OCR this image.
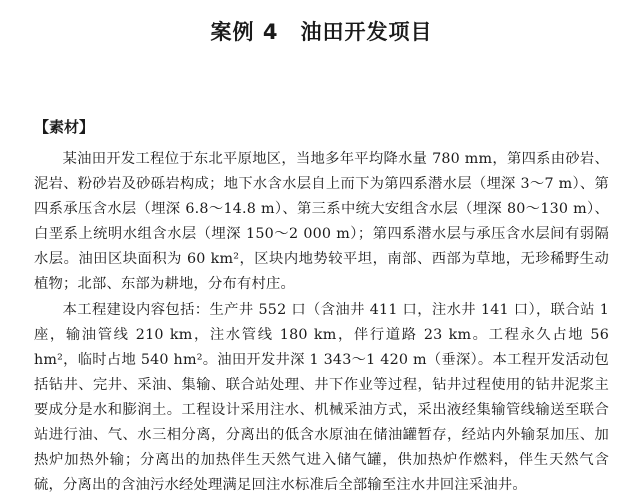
案例 4 油田开发项目
【素材】

某油田开发工程位于东北平原地区，当地多年平均降水量 780 mm，第四系由砂岩、泥岩、粉砂岩及砂砾岩构成；地下水含水层自上而下为第四系潜水层（埋深 3～7 m）、第四系承压含水层（埋深 6.8～14.8 m）、第三系中统大安组含水层（埋深 80～130 m）、白垩系上统明水组含水层（埋深 150～2 000 m）；第四系潜水层与承压含水层间有弱隔水层。油田区块面积为 60 km²，区块内地势较平坦，南部、西部为草地，无珍稀野生动植物；北部、东部为耕地，分布有村庄。

本工程建设内容包括：生产井 552 口（含油井 411 口，注水井 141 口），联合站 1 座，输油管线 210 km，注水管线 180 km，伴行道路 23 km。工程永久占地 56 hm²，临时占地 540 hm²。油田开发井深 1 343～1 420 m（垂深）。本工程开发活动包括钻井、完井、采油、集输、联合站处理、井下作业等过程，钻井过程使用的钻井泥浆主要成分是水和膨润土。工程设计采用注水、机械采油方式，采出液经集输管线输送至联合站进行油、气、水三相分离，分离出的低含水原油在储油罐暂存，经站内外输泵加压、加热炉加热外输；分离出的加热伴生天然气进入储气罐，供加热炉作燃料，伴生天然气含硫，分离出的含油污水经处理满足回注水标准后全部输至注水井回注采油井。
